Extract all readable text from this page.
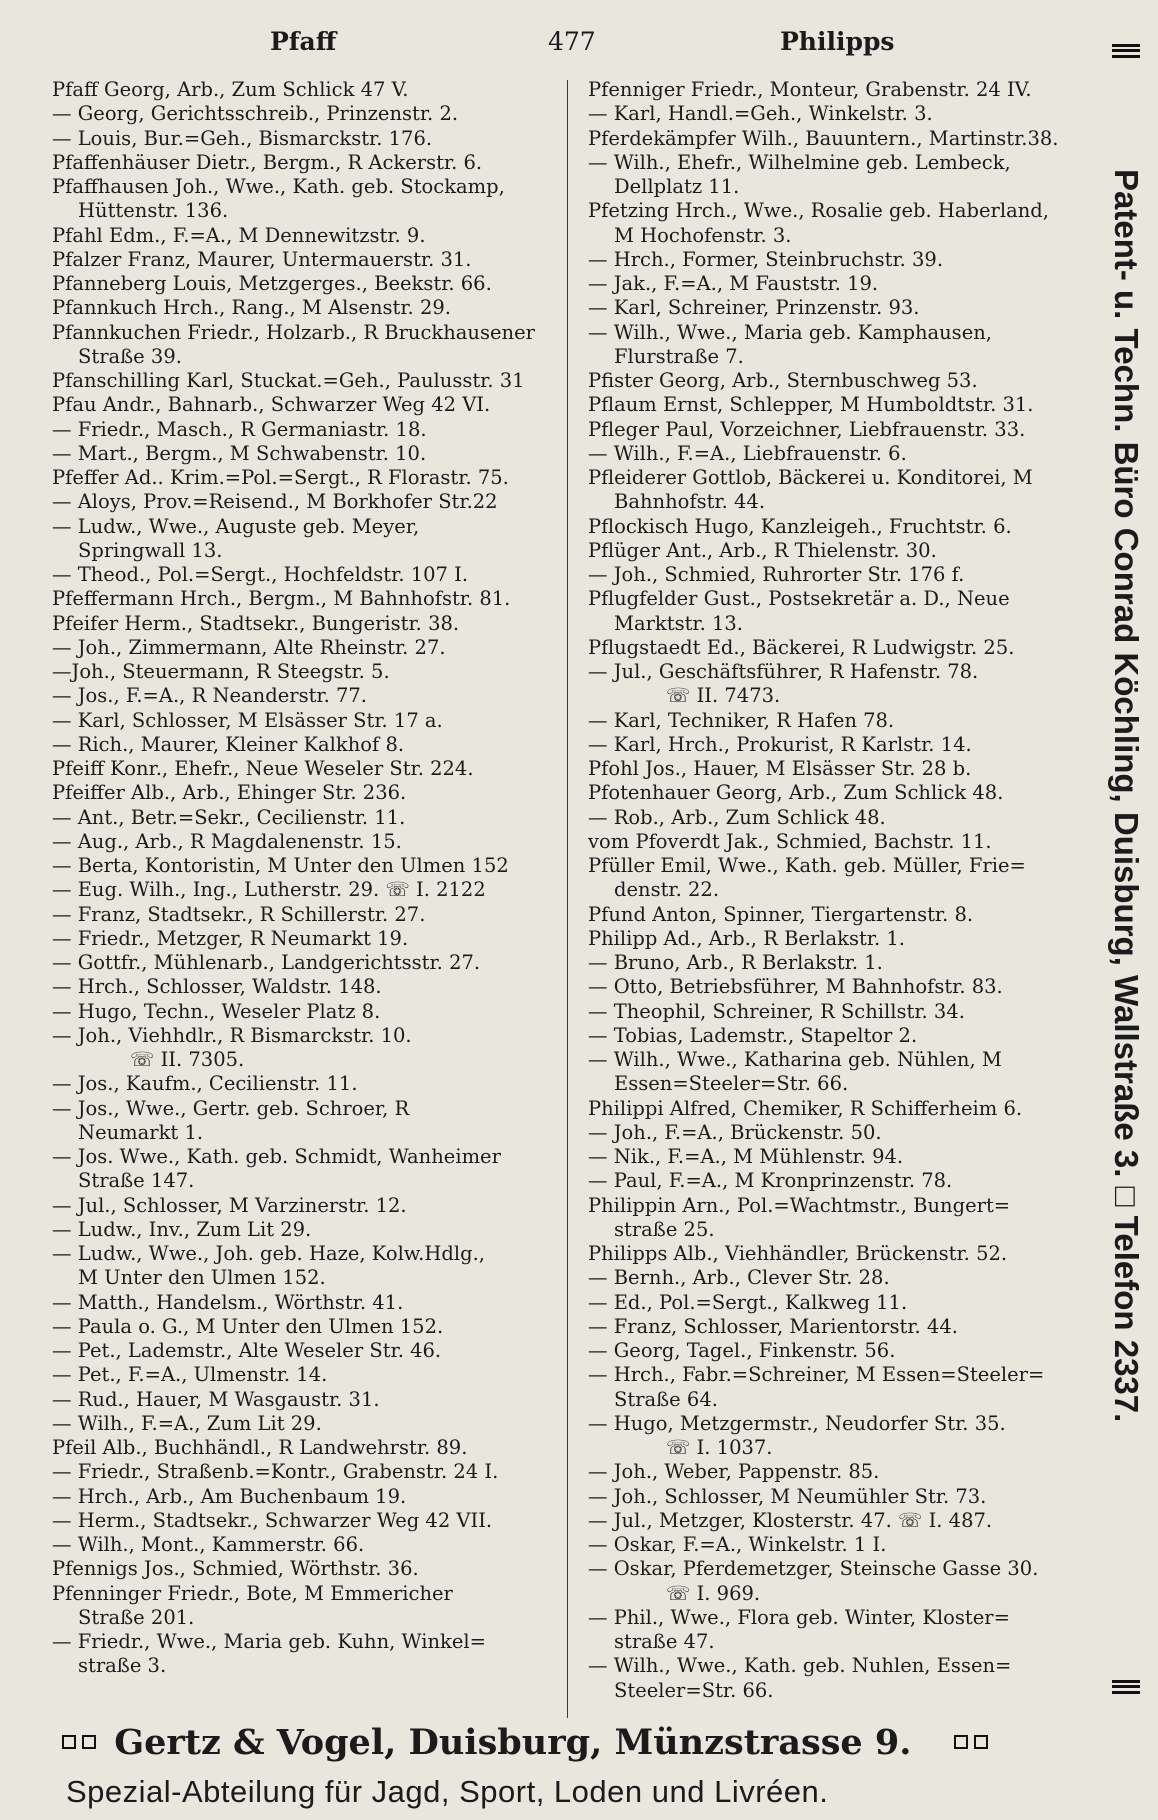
Pfaff	477	Philipps
Pfaff Georg, Arb., Zum Schlick 47 V.
— Georg, Gerichtsschreib., Prinzenstr. 2.
— Louis, Bur.=Geh., Bismarckstr. 176.
Pfaffenhäuser Dietr., Bergm., R Ackerstr. 6.
Pfaffhausen Joh., Wwe., Kath. geb. Stockamp,
Hüttenstr. 136.
Pfahl Edm., F.=A., M Dennewitzstr. 9.
Pfalzer Franz, Maurer, Untermauerstr. 31.
Pfanneberg Louis, Metzgerges., Beekstr. 66.
Pfannkuch Hrch., Rang., M Alsenstr. 29.
Pfannkuchen Friedr., Holzarb., R Bruckhausener
Straße 39.
Pfanschilling Karl, Stuckat.=Geh., Paulusstr. 31
Pfau Andr., Bahnarb., Schwarzer Weg 42 VI.
— Friedr., Masch., R Germaniastr. 18.
— Mart., Bergm., M Schwabenstr. 10.
Pfeffer Ad.. Krim.=Pol.=Sergt., R Florastr. 75.
— Aloys, Prov.=Reisend., M Borkhofer Str.22
— Ludw., Wwe., Auguste geb. Meyer,
Springwall 13.
— Theod., Pol.=Sergt., Hochfeldstr. 107 I.
Pfeffermann Hrch., Bergm., M Bahnhofstr. 81.
Pfeifer Herm., Stadtsekr., Bungeristr. 38.
— Joh., Zimmermann, Alte Rheinstr. 27.
—Joh., Steuermann, R Steegstr. 5.
— Jos., F.=A., R Neanderstr. 77.
— Karl, Schlosser, M Elsässer Str. 17 a.
— Rich., Maurer, Kleiner Kalkhof 8.
Pfeiff Konr., Ehefr., Neue Weseler Str. 224.
Pfeiffer Alb., Arb., Ehinger Str. 236.
— Ant., Betr.=Sekr., Cecilienstr. 11.
— Aug., Arb., R Magdalenenstr. 15.
— Berta, Kontoristin, M Unter den Ulmen 152
— Eug. Wilh., Ing., Lutherstr. 29. ☏ I. 2122
— Franz, Stadtsekr., R Schillerstr. 27.
— Friedr., Metzger, R Neumarkt 19.
— Gottfr., Mühlenarb., Landgerichtsstr. 27.
— Hrch., Schlosser, Waldstr. 148.
— Hugo, Techn., Weseler Platz 8.
— Joh., Viehhdlr., R Bismarckstr. 10.
☏ II. 7305.
— Jos., Kaufm., Cecilienstr. 11.
— Jos., Wwe., Gertr. geb. Schroer, R
Neumarkt 1.
— Jos. Wwe., Kath. geb. Schmidt, Wanheimer
Straße 147.
— Jul., Schlosser, M Varzinerstr. 12.
— Ludw., Inv., Zum Lit 29.
— Ludw., Wwe., Joh. geb. Haze, Kolw.Hdlg.,
M Unter den Ulmen 152.
— Matth., Handelsm., Wörthstr. 41.
— Paula o. G., M Unter den Ulmen 152.
— Pet., Lademstr., Alte Weseler Str. 46.
— Pet., F.=A., Ulmenstr. 14.
— Rud., Hauer, M Wasgaustr. 31.
— Wilh., F.=A., Zum Lit 29.
Pfeil Alb., Buchhändl., R Landwehrstr. 89.
— Friedr., Straßenb.=Kontr., Grabenstr. 24 I.
— Hrch., Arb., Am Buchenbaum 19.
— Herm., Stadtsekr., Schwarzer Weg 42 VII.
— Wilh., Mont., Kammerstr. 66.
Pfennigs Jos., Schmied, Wörthstr. 36.
Pfenninger Friedr., Bote, M Emmericher
Straße 201.
— Friedr., Wwe., Maria geb. Kuhn, Winkel=
straße 3.
Pfenniger Friedr., Monteur, Grabenstr. 24 IV.
— Karl, Handl.=Geh., Winkelstr. 3.
Pferdekämpfer Wilh., Bauuntern., Martinstr.38.
— Wilh., Ehefr., Wilhelmine geb. Lembeck,
Dellplatz 11.
Pfetzing Hrch., Wwe., Rosalie geb. Haberland,
M Hochofenstr. 3.
— Hrch., Former, Steinbruchstr. 39.
— Jak., F.=A., M Fauststr. 19.
— Karl, Schreiner, Prinzenstr. 93.
— Wilh., Wwe., Maria geb. Kamphausen,
Flurstraße 7.
Pfister Georg, Arb., Sternbuschweg 53.
Pflaum Ernst, Schlepper, M Humboldtstr. 31.
Pfleger Paul, Vorzeichner, Liebfrauenstr. 33.
— Wilh., F.=A., Liebfrauenstr. 6.
Pfleiderer Gottlob, Bäckerei u. Konditorei, M
Bahnhofstr. 44.
Pflockisch Hugo, Kanzleigeh., Fruchtstr. 6.
Pflüger Ant., Arb., R Thielenstr. 30.
— Joh., Schmied, Ruhrorter Str. 176 f.
Pflugfelder Gust., Postsekretär a. D., Neue
Marktstr. 13.
Pflugstaedt Ed., Bäckerei, R Ludwigstr. 25.
— Jul., Geschäftsführer, R Hafenstr. 78.
☏ II. 7473.
— Karl, Techniker, R Hafen 78.
— Karl, Hrch., Prokurist, R Karlstr. 14.
Pfohl Jos., Hauer, M Elsässer Str. 28 b.
Pfotenhauer Georg, Arb., Zum Schlick 48.
— Rob., Arb., Zum Schlick 48.
vom Pfoverdt Jak., Schmied, Bachstr. 11.
Pfüller Emil, Wwe., Kath. geb. Müller, Frie=
denstr. 22.
Pfund Anton, Spinner, Tiergartenstr. 8.
Philipp Ad., Arb., R Berlakstr. 1.
— Bruno, Arb., R Berlakstr. 1.
— Otto, Betriebsführer, M Bahnhofstr. 83.
— Theophil, Schreiner, R Schillstr. 34.
— Tobias, Lademstr., Stapeltor 2.
— Wilh., Wwe., Katharina geb. Nühlen, M
Essen=Steeler=Str. 66.
Philippi Alfred, Chemiker, R Schifferheim 6.
— Joh., F.=A., Brückenstr. 50.
— Nik., F.=A., M Mühlenstr. 94.
— Paul, F.=A., M Kronprinzenstr. 78.
Philippin Arn., Pol.=Wachtmstr., Bungert=
straße 25.
Philipps Alb., Viehhändler, Brückenstr. 52.
— Bernh., Arb., Clever Str. 28.
— Ed., Pol.=Sergt., Kalkweg 11.
— Franz, Schlosser, Marientorstr. 44.
— Georg, Tagel., Finkenstr. 56.
— Hrch., Fabr.=Schreiner, M Essen=Steeler=
Straße 64.
— Hugo, Metzgermstr., Neudorfer Str. 35.
☏ I. 1037.
— Joh., Weber, Pappenstr. 85.
— Joh., Schlosser, M Neumühler Str. 73.
— Jul., Metzger, Klosterstr. 47. ☏ I. 487.
— Oskar, F.=A., Winkelstr. 1 I.
— Oskar, Pferdemetzger, Steinsche Gasse 30.
☏ I. 969.
— Phil., Wwe., Flora geb. Winter, Kloster=
straße 47.
— Wilh., Wwe., Kath. geb. Nuhlen, Essen=
Steeler=Str. 66.
Patent- u. Techn. Büro Conrad Köchling, Duisburg, Wallstraße 3. □ Telefon 2337.
Gertz & Vogel, Duisburg, Münzstrasse 9.
Spezial-Abteilung für Jagd, Sport, Loden und Livréen.
